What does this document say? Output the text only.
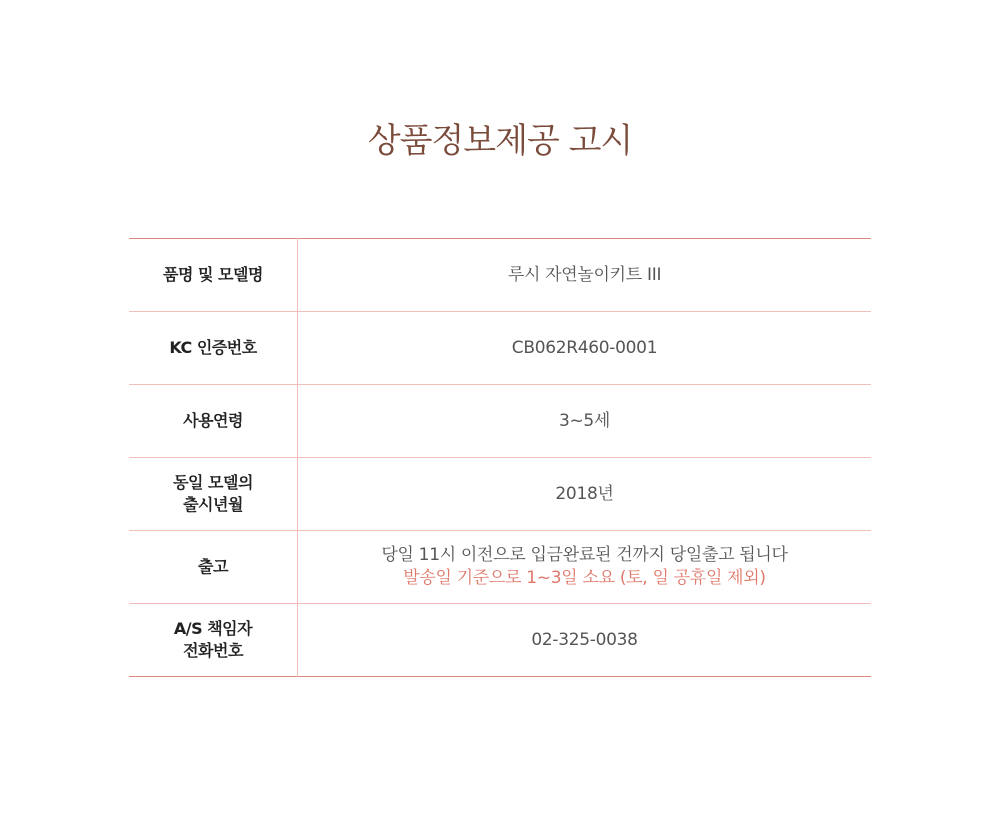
상품정보제공 고시
품명 및 모델명	루시 자연놀이키트 III

KC 인증번호	CB062R460-0001

사용연령	3~5세

동일 모델의
출시년월	2018년

출고	당일 11시 이전으로 입금완료된 건까지 당일출고 됩니다
발송일 기준으로 1~3일 소요 (토, 일 공휴일 제외)

A/S 책임자
전화번호	02-325-0038
